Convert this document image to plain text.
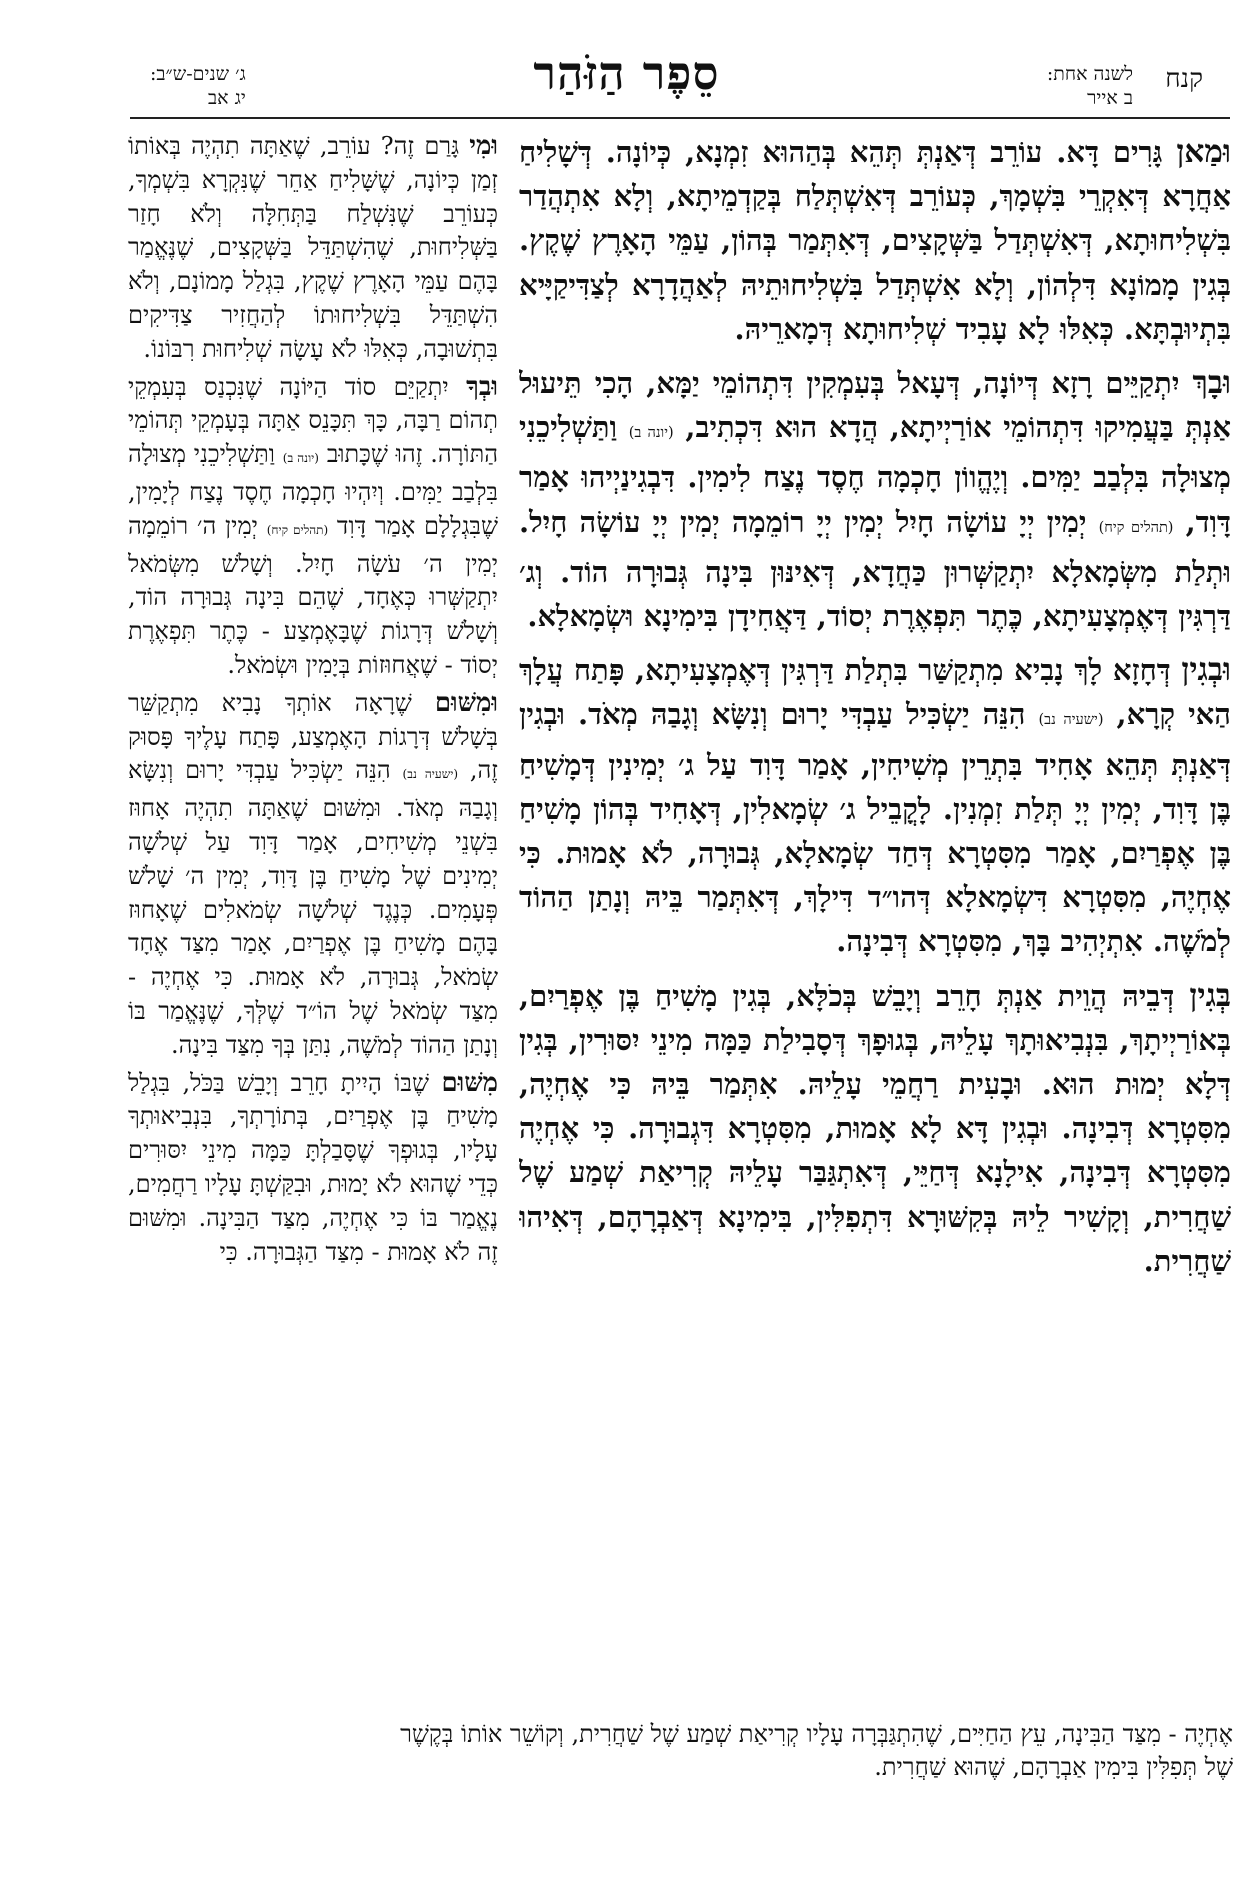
קנח
לשנה אחת:
ב אייר
סֵפֶר הַזֹּהַר
ג׳ שנים-ש״ב:
יג אב

וּמַאן גָּרִים דָּא. עוֹרֵב דְּאַנְתְּ תְּהֵא בְּהַהוּא זִמְנָא, כְּיוֹנָה. דְּשָׁלִיחַ אַחֲרָא דְּאִקְרֵי בִּשְׁמָךְ, כְּעוֹרֵב דְּאִשְׁתְּלַח בְּקַדְמֵיתָא, וְלָא אִתְהֲדַר בִּשְׁלִיחוּתָא, דְּאִשְׁתְּדַל בַּשְּׁקָצִים, דְּאִתְּמַר בְּהוֹן, עַמֵּי הָאָרֶץ שֶׁקֶץ. בְּגִין מָמוֹנָא דִּלְהוֹן, וְלָא אִשְׁתְּדַל בִּשְׁלִיחוּתֵיהּ לְאַהֲדָרָא לְצַדִּיקַיָּיא בִּתְיוּבְתָּא. כְּאִלּוּ לָא עָבִיד שְׁלִיחוּתָא דְּמָארֵיהּ.

וּבָךְ יִתְקַיֵּים רָזָא דְּיוֹנָה, דְּעָאל בְּעִמְקִין דִּתְהוֹמֵי יַמָּא, הָכִי תֵּיעוּל אַנְתְּ בַּעֲמִיקוּ דִּתְהוֹמֵי אוֹרַיְיתָא, הֲדָא הוּא דִּכְתִיב, (יונה ב) וַתַּשְׁלִיכֵנִי מְצוּלָה בִּלְבַב יַמִּים. וְיֶהֱווֹן חָכְמָה חֶסֶד נֶצַח לִימִין. דִּבְגִינַיְיהוּ אָמַר דָּוִד, (תהלים קיח) יְמִין יְיָ עוֹשָׂה חָיִל יְמִין יְיָ רוֹמֵמָה יְמִין יְיָ עוֹשָׂה חָיִל. וּתְלַת מִשְּׂמָאלָא יִתְקַשְּׁרוּן כַּחֲדָא, דְּאִינּוּן בִּינָה גְּבוּרָה הוֹד. וְג׳ דַּרְגִּין דְּאֶמְצָעִיתָא, כֶּתֶר תִּפְאֶרֶת יְסוֹד, דַּאֲחִידָן בִּימִינָא וּשְׂמָאלָא.

וּבְגִין דְּחָזָא לָךְ נָבִיא מִתְקַשַּׁר בִּתְלַת דַּרְגִּין דְּאֶמְצָעִיתָא, פָּתַח עֲלָךְ הַאי קְרָא, (ישעיה נב) הִנֵּה יַשְׂכִּיל עַבְדִּי יָרוּם וְנִשָּׂא וְגָבַהּ מְאֹד. וּבְגִין דְּאַנְתְּ תְּהֵא אָחִיד בִּתְרֵין מְשִׁיחִין, אָמַר דָּוִד עַל ג׳ יְמִינִין דְּמָשִׁיחַ בֶּן דָּוִד, יְמִין יְיָ תְּלַת זִמְנִין. לָקֳבֵיל ג׳ שְׂמָאלִין, דְּאָחִיד בְּהוֹן מָשִׁיחַ בֶּן אֶפְרַיִם, אָמַר מִסִּטְרָא דְּחַד שְׂמָאלָא, גְּבוּרָה, לֹא אָמוּת. כִּי אֶחְיֶה, מִסִּטְרָא דִּשְׂמָאלָא דְּהו״ד דִּילָךְ, דְּאִתְּמַר בֵּיהּ וְנָתַן הַהוֹד לְמֹשֶׁה. אִתְיְהִיב בָּךְ, מִסִּטְרָא דְּבִינָה.

בְּגִין דְּבֵיהּ הֲוֵית אַנְתְּ חָרֵב וְיָבֵשׁ בְּכֹלָּא, בְּגִין מָשִׁיחַ בֶּן אֶפְרַיִם, בְּאוֹרַיְיתָךְ, בִּנְבִיאוּתָךְ עָלֵיהּ, בְּגוּפָךְ דְּסָבִילַת כַּמָּה מִינֵי יִסּוּרִין, בְּגִין דְּלָא יְמוּת הוּא. וּבָעִית רַחֲמֵי עָלֵיהּ. אִתְּמַר בֵּיהּ כִּי אֶחְיֶה, מִסִּטְרָא דְּבִינָה. וּבְגִין דָּא לָא אָמוּת, מִסִּטְרָא דִּגְבוּרָה. כִּי אֶחְיֶה מִסִּטְרָא דְּבִינָה, אִילָנָא דְּחַיֵּי, דְּאִתְגַּבַּר עָלֵיהּ קְרִיאַת שְׁמַע שֶׁל שַׁחֲרִית, וְקָשִׁיר לֵיהּ בְּקִשּׁוּרָא דִּתְפִלִּין, בִּימִינָא דְּאַבְרָהָם, דְּאִיהוּ שַׁחֲרִית.

וּמִי גָּרַם זֶה? עוֹרֵב, שֶׁאַתָּה תִהְיֶה בְּאוֹתוֹ זְמַן כְּיוֹנָה, שֶׁשָּׁלִיחַ אַחֵר שֶׁנִּקְרָא בִּשְׁמְךָ, כְּעוֹרֵב שֶׁנִּשְׁלַח בַּתְּחִלָּה וְלֹא חָזַר בַּשְּׁלִיחוּת, שֶׁהִשְׁתַּדֵּל בַּשְּׁקָצִים, שֶׁנֶּאֱמַר בָּהֶם עַמֵּי הָאָרֶץ שֶׁקֶץ, בִּגְלַל מָמוֹנָם, וְלֹא הִשְׁתַּדֵּל בִּשְׁלִיחוּתוֹ לְהַחֲזִיר צַדִּיקִים בִּתְשׁוּבָה, כְּאִלּוּ לֹא עָשָׂה שְׁלִיחוּת רִבּוֹנוֹ.

וּבְךָ יִתְקַיֵּם סוֹד הַיּוֹנָה שֶׁנִּכְנַס בְּעִמְקֵי תְהוֹם רַבָּה, כָּךְ תִּכָּנֵס אַתָּה בְּעָמְקֵי תְּהוֹמֵי הַתּוֹרָה. זֶהוּ שֶׁכָּתוּב (יונה ב) וַתַּשְׁלִיכֵנִי מְצוּלָה בִּלְבַב יַמִּים. וְיִהְיוּ חָכְמָה חֶסֶד נֶצַח לְיָמִין, שֶׁבִּגְלָלָם אָמַר דָּוִד (תהלים קיח) יְמִין ה׳ רוֹמֵמָה יְמִין ה׳ עֹשָׂה חָיִל. וְשָׁלֹשׁ מִשְּׂמֹאל יִתְקַשְּׁרוּ כְּאֶחָד, שֶׁהֵם בִּינָה גְּבוּרָה הוֹד, וְשָׁלֹשׁ דְּרָגוֹת שֶׁבָּאֶמְצַע - כֶּתֶר תִּפְאֶרֶת יְסוֹד - שֶׁאֲחוּזוֹת בְּיָמִין וּשְׂמֹאל.

וּמִשּׁוּם שֶׁרָאָה אוֹתְךָ נָבִיא מִתְקַשֵּׁר בְּשָׁלֹשׁ דְּרָגוֹת הָאֶמְצַע, פָּתַח עָלֶיךָ פָּסוּק זֶה, (ישעיה נב) הִנֵּה יַשְׂכִּיל עַבְדִּי יָרוּם וְנִשָּׂא וְגָבַהּ מְאֹד. וּמִשּׁוּם שֶׁאַתָּה תִהְיֶה אָחוּז בִּשְׁנֵי מְשִׁיחִים, אָמַר דָּוִד עַל שְׁלֹשָׁה יְמִינִים שֶׁל מָשִׁיחַ בֶּן דָּוִד, יְמִין ה׳ שָׁלֹשׁ פְּעָמִים. כְּנֶגֶד שְׁלֹשָׁה שְׂמֹאלִים שֶׁאָחוּז בָּהֶם מָשִׁיחַ בֶּן אֶפְרַיִם, אָמַר מִצַּד אֶחָד שְׂמֹאל, גְּבוּרָה, לֹא אָמוּת. כִּי אֶחְיֶה - מִצַּד שְׂמֹאל שֶׁל הוֹ״ד שֶׁלְּךָ, שֶׁנֶּאֱמַר בּוֹ וְנָתַן הַהוֹד לְמֹשֶׁה, נִתַּן בְּךָ מִצַּד בִּינָה.

מִשּׁוּם שֶׁבּוֹ הָיִיתָ חָרֵב וְיָבֵשׁ בַּכֹּל, בִּגְלַל מָשִׁיחַ בֶּן אֶפְרַיִם, בְּתוֹרָתְךָ, בִּנְבִיאוּתְךָ עָלָיו, בְּגוּפְךָ שֶׁסָּבַלְתָּ כַּמָּה מִינֵי יִסּוּרִים כְּדֵי שֶׁהוּא לֹא יָמוּת, וּבִקַּשְׁתָּ עָלָיו רַחֲמִים, נֶאֱמַר בּוֹ כִּי אֶחְיֶה, מִצַּד הַבִּינָה. וּמִשּׁוּם זֶה לֹא אָמוּת - מִצַּד הַגְּבוּרָה. כִּי

אֶחְיֶה - מִצַּד הַבִּינָה, עֵץ הַחַיִּים, שֶׁהִתְגַּבְּרָה עָלָיו קְרִיאַת שְׁמַע שֶׁל שַׁחֲרִית, וְקוֹשֵׁר אוֹתוֹ בְּקֶשֶׁר
שֶׁל תְּפִלִּין בִּימִין אַבְרָהָם, שֶׁהוּא שַׁחֲרִית.
